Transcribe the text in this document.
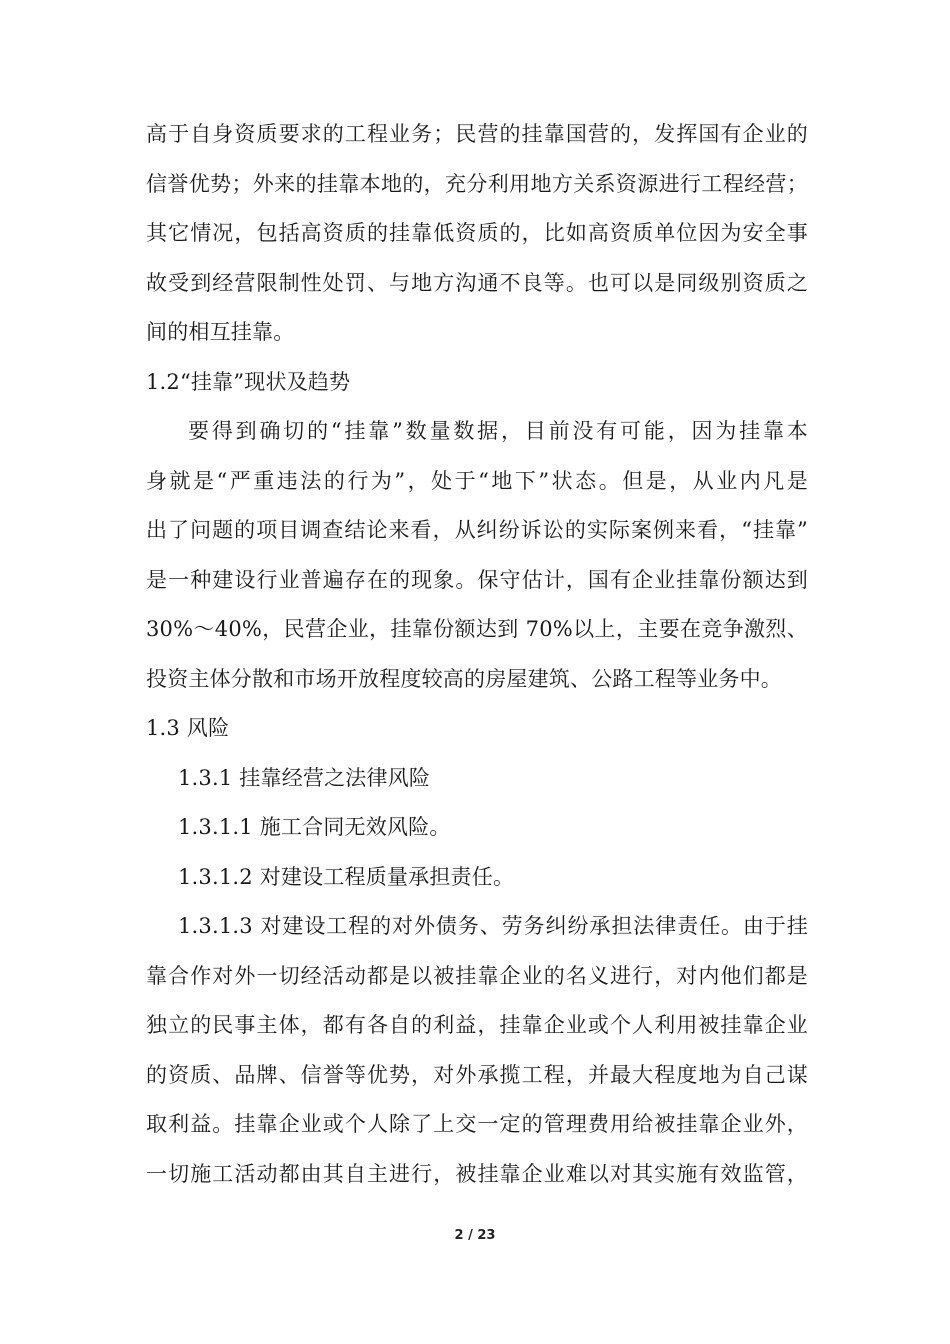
高于自身资质要求的工程业务；民营的挂靠国营的，发挥国有企业的
信誉优势；外来的挂靠本地的，充分利用地方关系资源进行工程经营；
其它情况，包括高资质的挂靠低资质的，比如高资质单位因为安全事
故受到经营限制性处罚、与地方沟通不良等。也可以是同级别资质之
间的相互挂靠。
1.2“挂靠”现状及趋势
要得到确切的“挂靠”数量数据，目前没有可能，因为挂靠本
身就是“严重违法的行为”，处于“地下”状态。但是，从业内凡是
出了问题的项目调查结论来看，从纠纷诉讼的实际案例来看，“挂靠”
是一种建设行业普遍存在的现象。保守估计，国有企业挂靠份额达到
30%～40%，民营企业，挂靠份额达到 70%以上，主要在竞争激烈、
投资主体分散和市场开放程度较高的房屋建筑、公路工程等业务中。
1.3 风险
1.3.1 挂靠经营之法律风险
1.3.1.1 施工合同无效风险。
1.3.1.2 对建设工程质量承担责任。
1.3.1.3 对建设工程的对外债务、劳务纠纷承担法律责任。由于挂
靠合作对外一切经活动都是以被挂靠企业的名义进行，对内他们都是
独立的民事主体，都有各自的利益，挂靠企业或个人利用被挂靠企业
的资质、品牌、信誉等优势，对外承揽工程，并最大程度地为自己谋
取利益。挂靠企业或个人除了上交一定的管理费用给被挂靠企业外，
一切施工活动都由其自主进行，被挂靠企业难以对其实施有效监管，
2 / 23
